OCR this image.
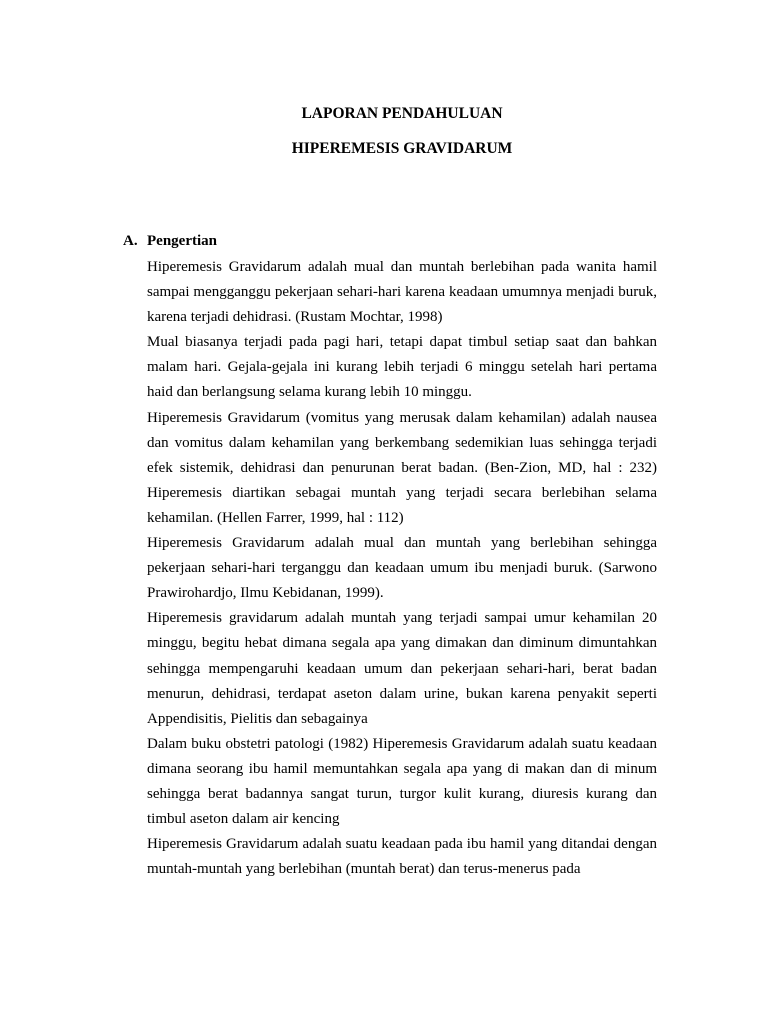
LAPORAN PENDAHULUAN
HIPEREMESIS GRAVIDARUM
A. Pengertian

Hiperemesis Gravidarum adalah mual dan muntah berlebihan pada wanita hamil sampai mengganggu pekerjaan sehari-hari karena keadaan umumnya menjadi buruk, karena terjadi dehidrasi. (Rustam Mochtar, 1998)

Mual biasanya terjadi pada pagi hari, tetapi dapat timbul setiap saat dan bahkan malam hari. Gejala-gejala ini kurang lebih terjadi 6 minggu setelah hari pertama haid dan berlangsung selama kurang lebih 10 minggu.

Hiperemesis Gravidarum (vomitus yang merusak dalam kehamilan) adalah nausea dan vomitus dalam kehamilan yang berkembang sedemikian luas sehingga terjadi efek sistemik, dehidrasi dan penurunan berat badan. (Ben-Zion, MD, hal : 232) Hiperemesis diartikan sebagai muntah yang terjadi secara berlebihan selama kehamilan. (Hellen Farrer, 1999, hal : 112)

Hiperemesis Gravidarum adalah mual dan muntah yang berlebihan sehingga pekerjaan sehari-hari terganggu dan keadaan umum ibu menjadi buruk. (Sarwono Prawirohardjo, Ilmu Kebidanan, 1999).

Hiperemesis gravidarum adalah muntah yang terjadi sampai umur kehamilan 20 minggu, begitu hebat dimana segala apa yang dimakan dan diminum dimuntahkan sehingga mempengaruhi keadaan umum dan pekerjaan sehari-hari, berat badan menurun, dehidrasi, terdapat aseton dalam urine, bukan karena penyakit seperti Appendisitis, Pielitis dan sebagainya

Dalam buku obstetri patologi (1982) Hiperemesis Gravidarum adalah suatu keadaan dimana seorang ibu hamil memuntahkan segala apa yang di makan dan di minum sehingga berat badannya sangat turun, turgor kulit kurang, diuresis kurang dan timbul aseton dalam air kencing

Hiperemesis Gravidarum adalah suatu keadaan pada ibu hamil yang ditandai dengan muntah-muntah yang berlebihan (muntah berat) dan terus-menerus pada
